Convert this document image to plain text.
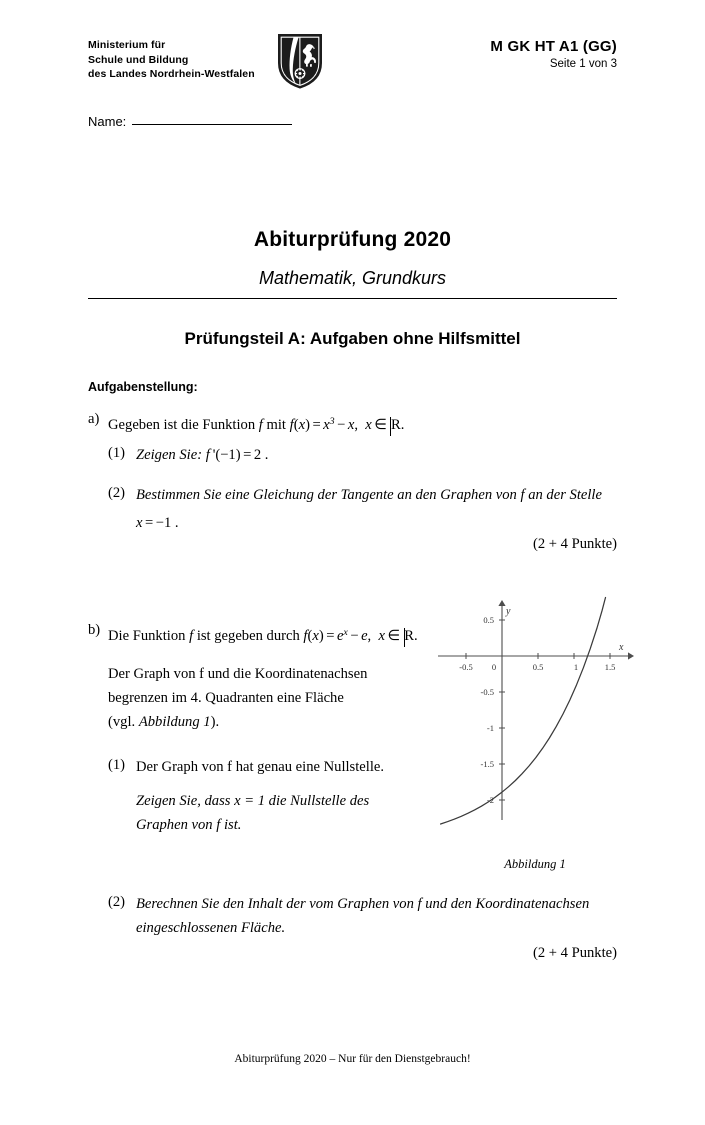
Ministerium für
Schule und Bildung
des Landes Nordrhein-Westfalen
M GK HT A1 (GG)
Seite 1 von 3
Name:
Abiturprüfung 2020
Mathematik, Grundkurs
Prüfungsteil A: Aufgaben ohne Hilfsmittel
Aufgabenstellung:
a) Gegeben ist die Funktion f mit $f(x) = x^3 - x$,  x ∈ R.
(1) Zeigen Sie: f '(−1) = 2 .
(2) Bestimmen Sie eine Gleichung der Tangente an den Graphen von f an der Stelle
x = −1 .
(2 + 4 Punkte)
b) Die Funktion f ist gegeben durch $f(x) = e^x - e$,  x ∈ R.
Der Graph von f und die Koordinatenachsen
begrenzen im 4. Quadranten eine Fläche
(vgl. Abbildung 1).
(1) Der Graph von f hat genau eine Nullstelle.
Zeigen Sie, dass x = 1 die Nullstelle des
Graphen von f ist.
x
y
-0.5 0	0.5	1	1.5
0.5
-0.5
-1
-1.5
-2
Abbildung 1
(2) Berechnen Sie den Inhalt der vom Graphen von f und den Koordinatenachsen
eingeschlossenen Fläche.
(2 + 4 Punkte)
Abiturprüfung 2020 – Nur für den Dienstgebrauch!
